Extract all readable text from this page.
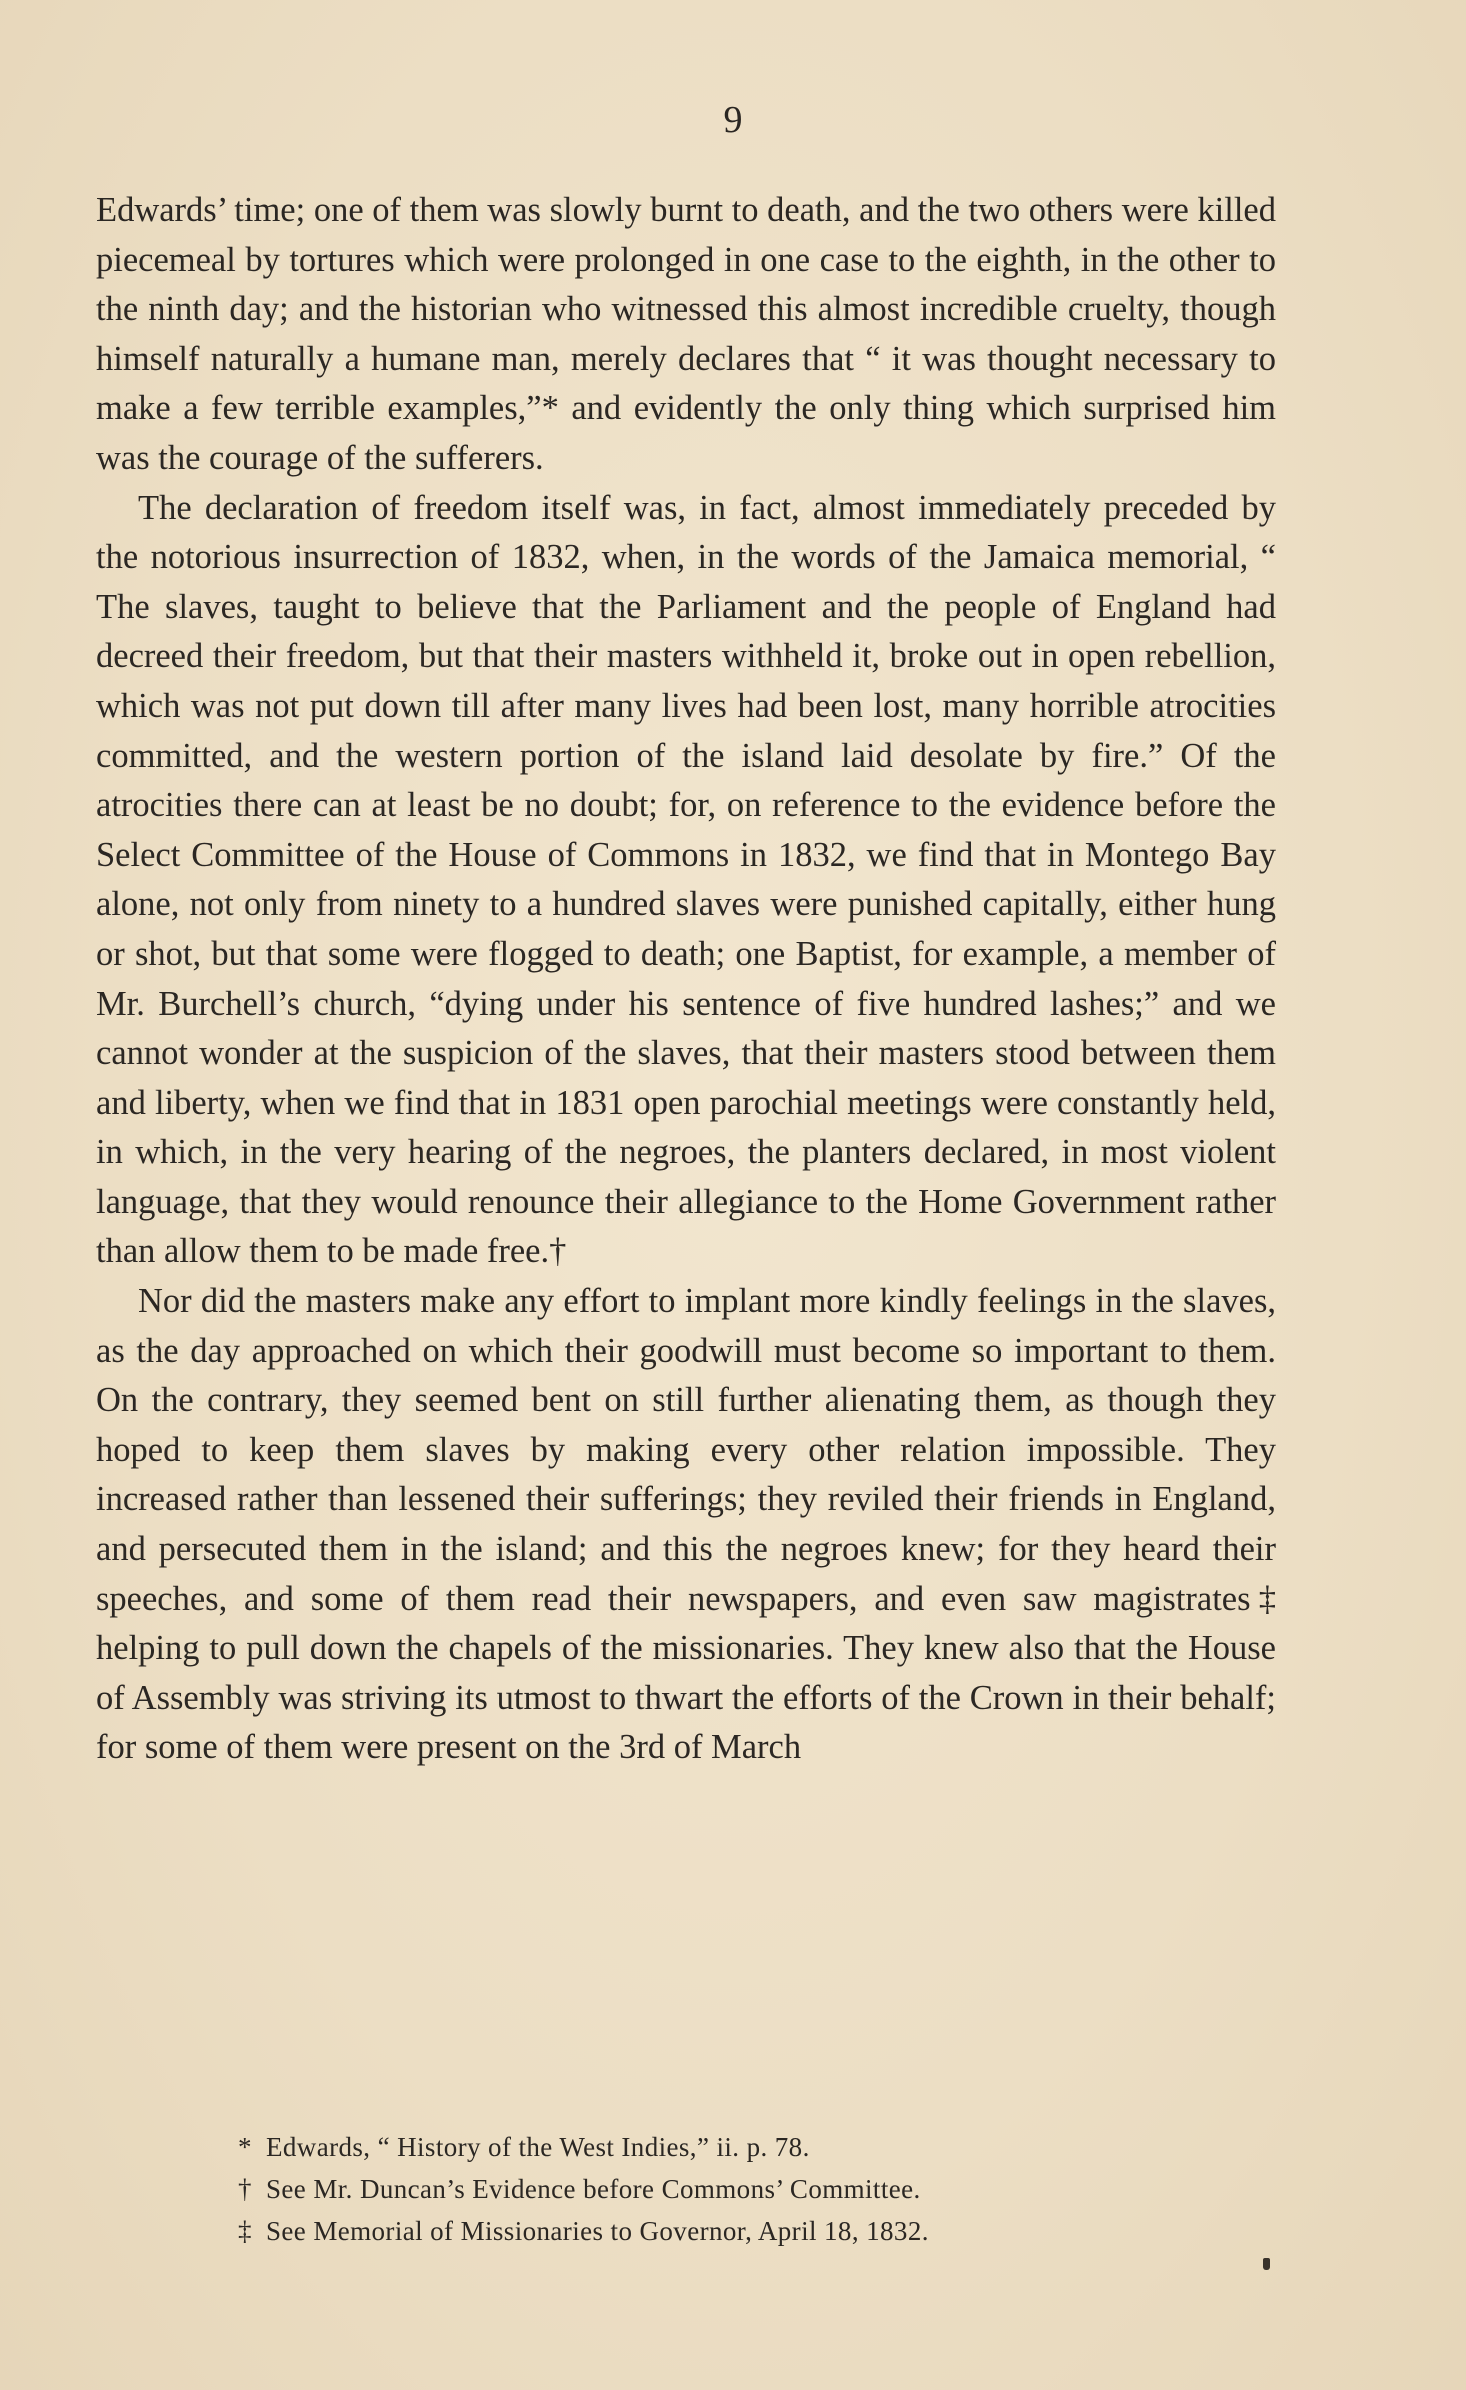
9

Edwards’ time; one of them was slowly burnt to death, and the two others were killed piecemeal by tortures which were prolonged in one case to the eighth, in the other to the ninth day; and the historian who witnessed this almost incredible cruelty, though himself naturally a humane man, merely declares that “ it was thought necessary to make a few terrible examples,”* and evidently the only thing which surprised him was the courage of the sufferers.

The declaration of freedom itself was, in fact, almost immediately preceded by the notorious insurrection of 1832, when, in the words of the Jamaica memorial, “ The slaves, taught to believe that the Parliament and the people of England had decreed their freedom, but that their masters withheld it, broke out in open rebellion, which was not put down till after many lives had been lost, many horrible atrocities committed, and the western portion of the island laid desolate by fire.” Of the atrocities there can at least be no doubt; for, on reference to the evidence before the Select Committee of the House of Commons in 1832, we find that in Montego Bay alone, not only from ninety to a hundred slaves were punished capitally, either hung or shot, but that some were flogged to death; one Baptist, for example, a member of Mr. Burchell’s church, “dying under his sentence of five hundred lashes;” and we cannot wonder at the suspicion of the slaves, that their masters stood between them and liberty, when we find that in 1831 open parochial meetings were constantly held, in which, in the very hearing of the negroes, the planters declared, in most violent language, that they would renounce their allegiance to the Home Government rather than allow them to be made free.†

Nor did the masters make any effort to implant more kindly feelings in the slaves, as the day approached on which their goodwill must become so important to them. On the contrary, they seemed bent on still further alienating them, as though they hoped to keep them slaves by making every other relation impossible. They increased rather than lessened their sufferings; they reviled their friends in England, and persecuted them in the island; and this the negroes knew; for they heard their speeches, and some of them read their newspapers, and even saw magistrates‡ helping to pull down the chapels of the missionaries. They knew also that the House of Assembly was striving its utmost to thwart the efforts of the Crown in their behalf; for some of them were present on the 3rd of March

* Edwards, “ History of the West Indies,” ii. p. 78.
† See Mr. Duncan’s Evidence before Commons’ Committee.
‡ See Memorial of Missionaries to Governor, April 18, 1832.
